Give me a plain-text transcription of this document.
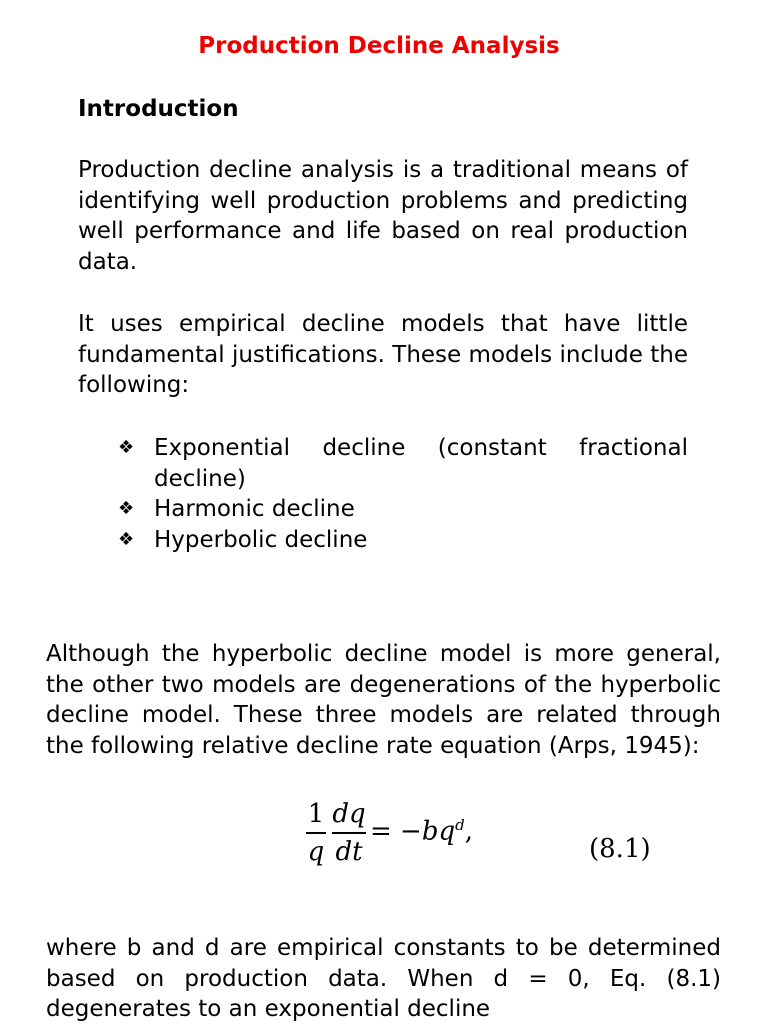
Production Decline Analysis
Introduction

Production decline analysis is a traditional means of identifying well production problems and predicting well performance and life based on real production data.

It uses empirical decline models that have little fundamental justifications. These models include the following:

❖ Exponential decline (constant fractional decline)
❖ Harmonic decline
❖ Hyperbolic decline

Although the hyperbolic decline model is more general, the other two models are degenerations of the hyperbolic decline model. These three models are related through the following relative decline rate equation (Arps, 1945):

1
q
dq
dt
= $-bq^d$,
(8.1)

where b and d are empirical constants to be determined based on production data. When d = 0, Eq. (8.1) degenerates to an exponential decline
